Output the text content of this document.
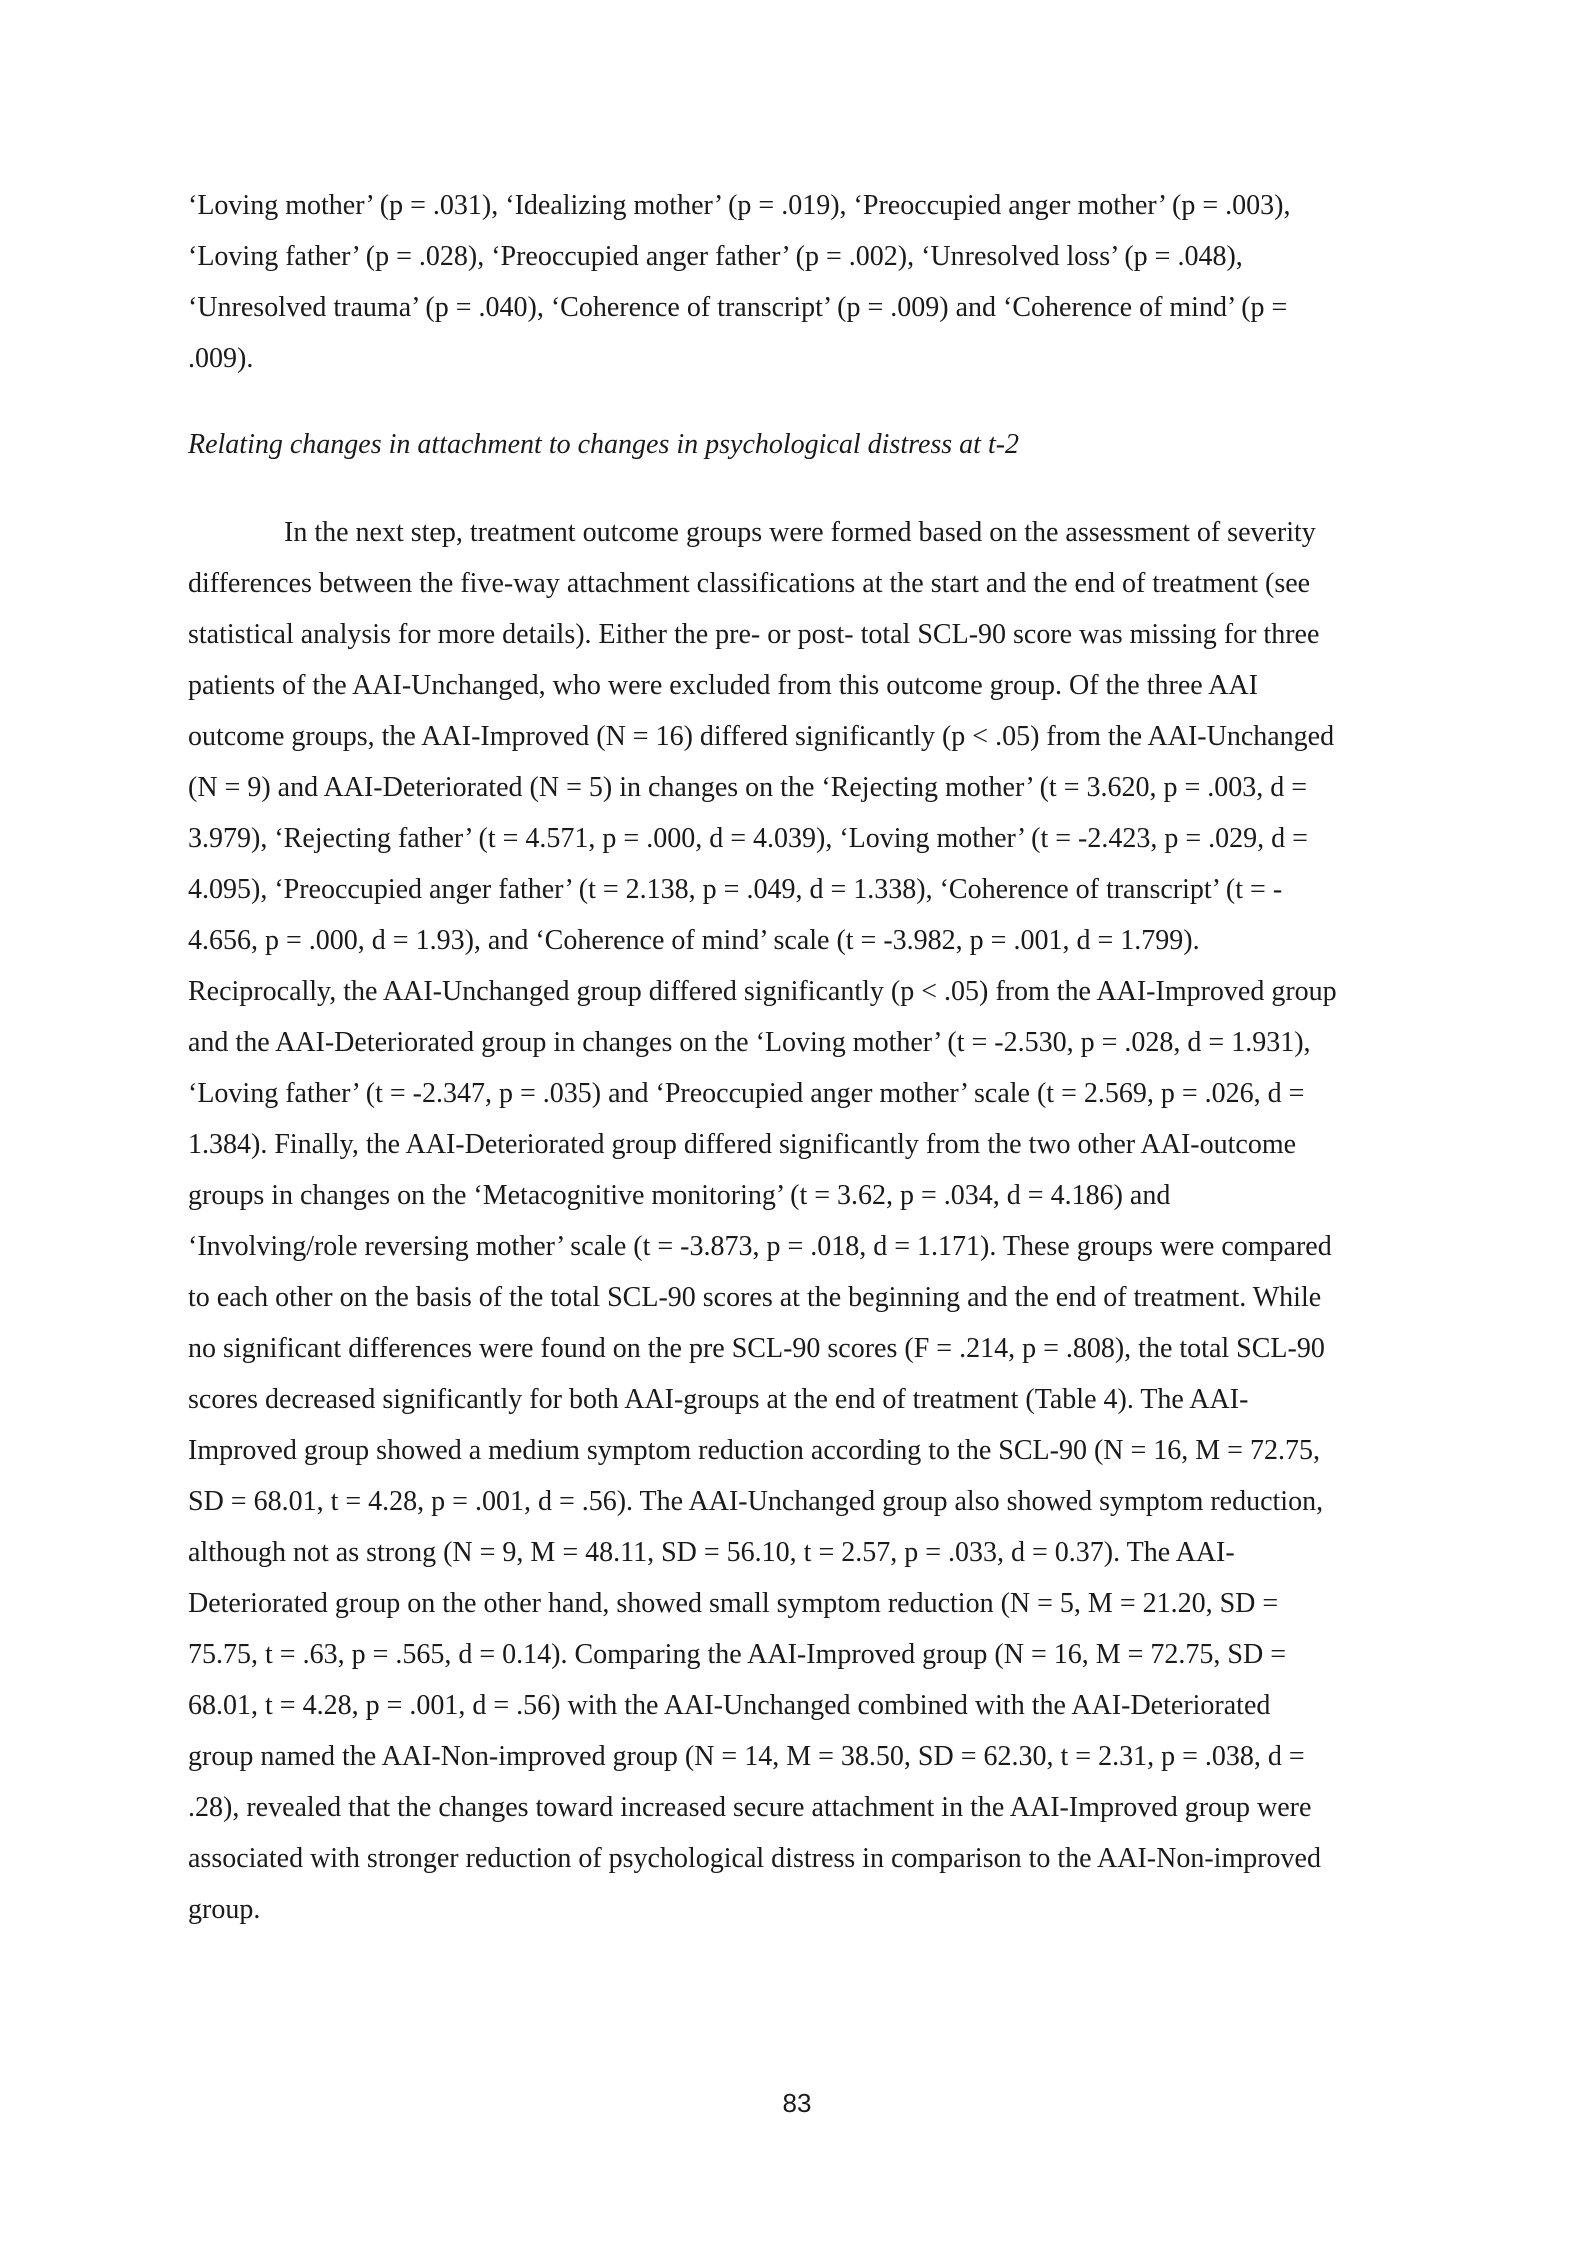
‘Loving mother’ (p = .031), ‘Idealizing mother’ (p = .019), ‘Preoccupied anger mother’ (p = .003),
‘Loving father’ (p = .028), ‘Preoccupied anger father’ (p = .002), ‘Unresolved loss’ (p = .048),
‘Unresolved trauma’ (p = .040), ‘Coherence of transcript’ (p = .009) and ‘Coherence of mind’ (p =
.009).
Relating changes in attachment to changes in psychological distress at t-2
In the next step, treatment outcome groups were formed based on the assessment of severity
differences between the five-way attachment classifications at the start and the end of treatment (see
statistical analysis for more details). Either the pre- or post- total SCL-90 score was missing for three
patients of the AAI-Unchanged, who were excluded from this outcome group. Of the three AAI
outcome groups, the AAI-Improved (N = 16) differed significantly (p < .05) from the AAI-Unchanged
(N = 9) and AAI-Deteriorated (N = 5) in changes on the ‘Rejecting mother’ (t = 3.620, p = .003, d =
3.979), ‘Rejecting father’ (t = 4.571, p = .000, d = 4.039), ‘Loving mother’ (t = -2.423, p = .029, d =
4.095), ‘Preoccupied anger father’ (t = 2.138, p = .049, d = 1.338), ‘Coherence of transcript’ (t = -
4.656, p = .000, d = 1.93), and ‘Coherence of mind’ scale (t = -3.982, p = .001, d = 1.799).
Reciprocally, the AAI-Unchanged group differed significantly (p < .05) from the AAI-Improved group
and the AAI-Deteriorated group in changes on the ‘Loving mother’ (t = -2.530, p = .028, d = 1.931),
‘Loving father’ (t = -2.347, p = .035) and ‘Preoccupied anger mother’ scale (t = 2.569, p = .026, d =
1.384). Finally, the AAI-Deteriorated group differed significantly from the two other AAI-outcome
groups in changes on the ‘Metacognitive monitoring’ (t = 3.62, p = .034, d = 4.186) and
‘Involving/role reversing mother’ scale (t = -3.873, p = .018, d = 1.171). These groups were compared
to each other on the basis of the total SCL-90 scores at the beginning and the end of treatment. While
no significant differences were found on the pre SCL-90 scores (F = .214, p = .808), the total SCL-90
scores decreased significantly for both AAI-groups at the end of treatment (Table 4). The AAI-
Improved group showed a medium symptom reduction according to the SCL-90 (N = 16, M = 72.75,
SD = 68.01, t = 4.28, p = .001, d = .56). The AAI-Unchanged group also showed symptom reduction,
although not as strong (N = 9, M = 48.11, SD = 56.10, t = 2.57, p = .033, d = 0.37). The AAI-
Deteriorated group on the other hand, showed small symptom reduction (N = 5, M = 21.20, SD =
75.75, t = .63, p = .565, d = 0.14). Comparing the AAI-Improved group (N = 16, M = 72.75, SD =
68.01, t = 4.28, p = .001, d = .56) with the AAI-Unchanged combined with the AAI-Deteriorated
group named the AAI-Non-improved group (N = 14, M = 38.50, SD = 62.30, t = 2.31, p = .038, d =
.28), revealed that the changes toward increased secure attachment in the AAI-Improved group were
associated with stronger reduction of psychological distress in comparison to the AAI-Non-improved
group.
83
